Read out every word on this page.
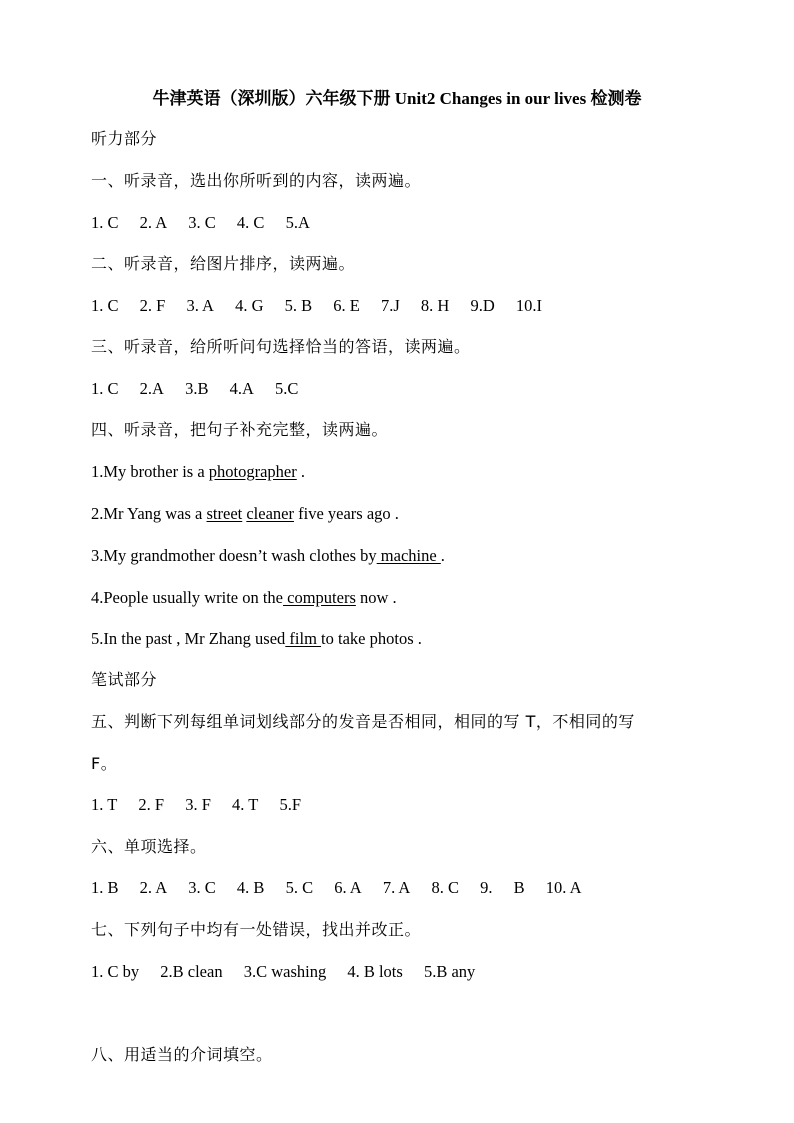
牛津英语（深圳版）六年级下册 Unit2 Changes in our lives 检测卷
听力部分
一、听录音，选出你所听到的内容，读两遍。
1. C 2. A 3. C 4. C 5.A
二、听录音，给图片排序，读两遍。
1. C 2. F 3. A 4. G 5. B 6. E 7.J 8. H 9.D 10.I
三、听录音，给所听问句选择恰当的答语，读两遍。
1. C 2.A 3.B 4.A 5.C
四、听录音，把句子补充完整，读两遍。
1.My brother is a photographer .
2.Mr Yang was a street cleaner five years ago .
3.My grandmother doesn’t wash clothes by machine .
4.People usually write on the computers now .
5.In the past , Mr Zhang used film to take photos .
笔试部分
五、判断下列每组单词划线部分的发音是否相同，相同的写 T，不相同的写
F。
1. T 2. F 3. F 4. T 5.F
六、单项选择。
1. B 2. A 3. C 4. B 5. C 6. A 7. A 8. C 9. B 10. A
七、下列句子中均有一处错误，找出并改正。
1. C by 2.B clean 3.C washing 4. B lots 5.B any
八、用适当的介词填空。
